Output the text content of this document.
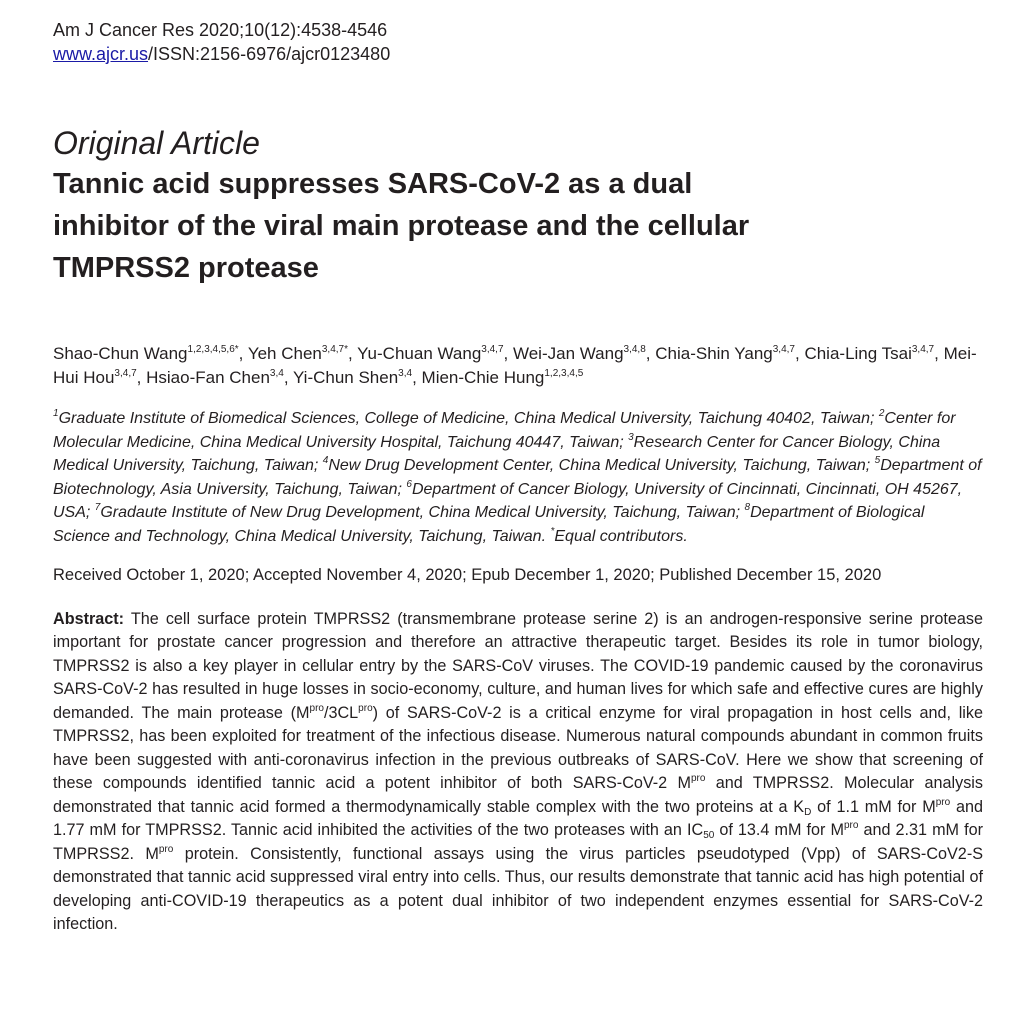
Am J Cancer Res 2020;10(12):4538-4546
www.ajcr.us/ISSN:2156-6976/ajcr0123480
Original Article
Tannic acid suppresses SARS-CoV-2 as a dual inhibitor of the viral main protease and the cellular TMPRSS2 protease
Shao-Chun Wang$^{1,2,3,4,5,6*}$, Yeh Chen$^{3,4,7*}$, Yu-Chuan Wang$^{3,4,7}$, Wei-Jan Wang$^{3,4,8}$, Chia-Shin Yang$^{3,4,7}$, Chia-Ling Tsai$^{3,4,7}$, Mei-Hui Hou$^{3,4,7}$, Hsiao-Fan Chen$^{3,4}$, Yi-Chun Shen$^{3,4}$, Mien-Chie Hung$^{1,2,3,4,5}$
$^1$Graduate Institute of Biomedical Sciences, College of Medicine, China Medical University, Taichung 40402, Taiwan; $^2$Center for Molecular Medicine, China Medical University Hospital, Taichung 40447, Taiwan; $^3$Research Center for Cancer Biology, China Medical University, Taichung, Taiwan; $^4$New Drug Development Center, China Medical University, Taichung, Taiwan; $^5$Department of Biotechnology, Asia University, Taichung, Taiwan; $^6$Department of Cancer Biology, University of Cincinnati, Cincinnati, OH 45267, USA; $^7$Gradaute Institute of New Drug Development, China Medical University, Taichung, Taiwan; $^8$Department of Biological Science and Technology, China Medical University, Taichung, Taiwan. *Equal contributors.
Received October 1, 2020; Accepted November 4, 2020; Epub December 1, 2020; Published December 15, 2020
Abstract: The cell surface protein TMPRSS2 (transmembrane protease serine 2) is an androgen-responsive serine protease important for prostate cancer progression and therefore an attractive therapeutic target. Besides its role in tumor biology, TMPRSS2 is also a key player in cellular entry by the SARS-CoV viruses. The COVID-19 pandemic caused by the coronavirus SARS-CoV-2 has resulted in huge losses in socio-economy, culture, and human lives for which safe and effective cures are highly demanded. The main protease $(M^{pro}/3CL^{pro})$ of SARS-CoV-2 is a critical enzyme for viral propagation in host cells and, like TMPRSS2, has been exploited for treatment of the infectious disease. Numerous natural compounds abundant in common fruits have been suggested with anti-coronavirus infection in the previous outbreaks of SARS-CoV. Here we show that screening of these compounds identified tannic acid a potent inhibitor of both SARS-CoV-2 $M^{pro}$ and TMPRSS2. Molecular analysis demonstrated that tannic acid formed a thermodynamically stable complex with the two proteins at a $K_D$ of 1.1 mM for $M^{pro}$ and 1.77 mM for TMPRSS2. Tannic acid inhibited the activities of the two proteases with an $IC_{50}$ of 13.4 mM for $M^{pro}$ and 2.31 mM for TMPRSS2. $M^{pro}$ protein. Consistently, functional assays using the virus particles pseudotyped (Vpp) of SARS-CoV2-S demonstrated that tannic acid suppressed viral entry into cells. Thus, our results demonstrate that tannic acid has high potential of developing anti-COVID-19 therapeutics as a potent dual inhibitor of two independent enzymes essential for SARS-CoV-2 infection.
